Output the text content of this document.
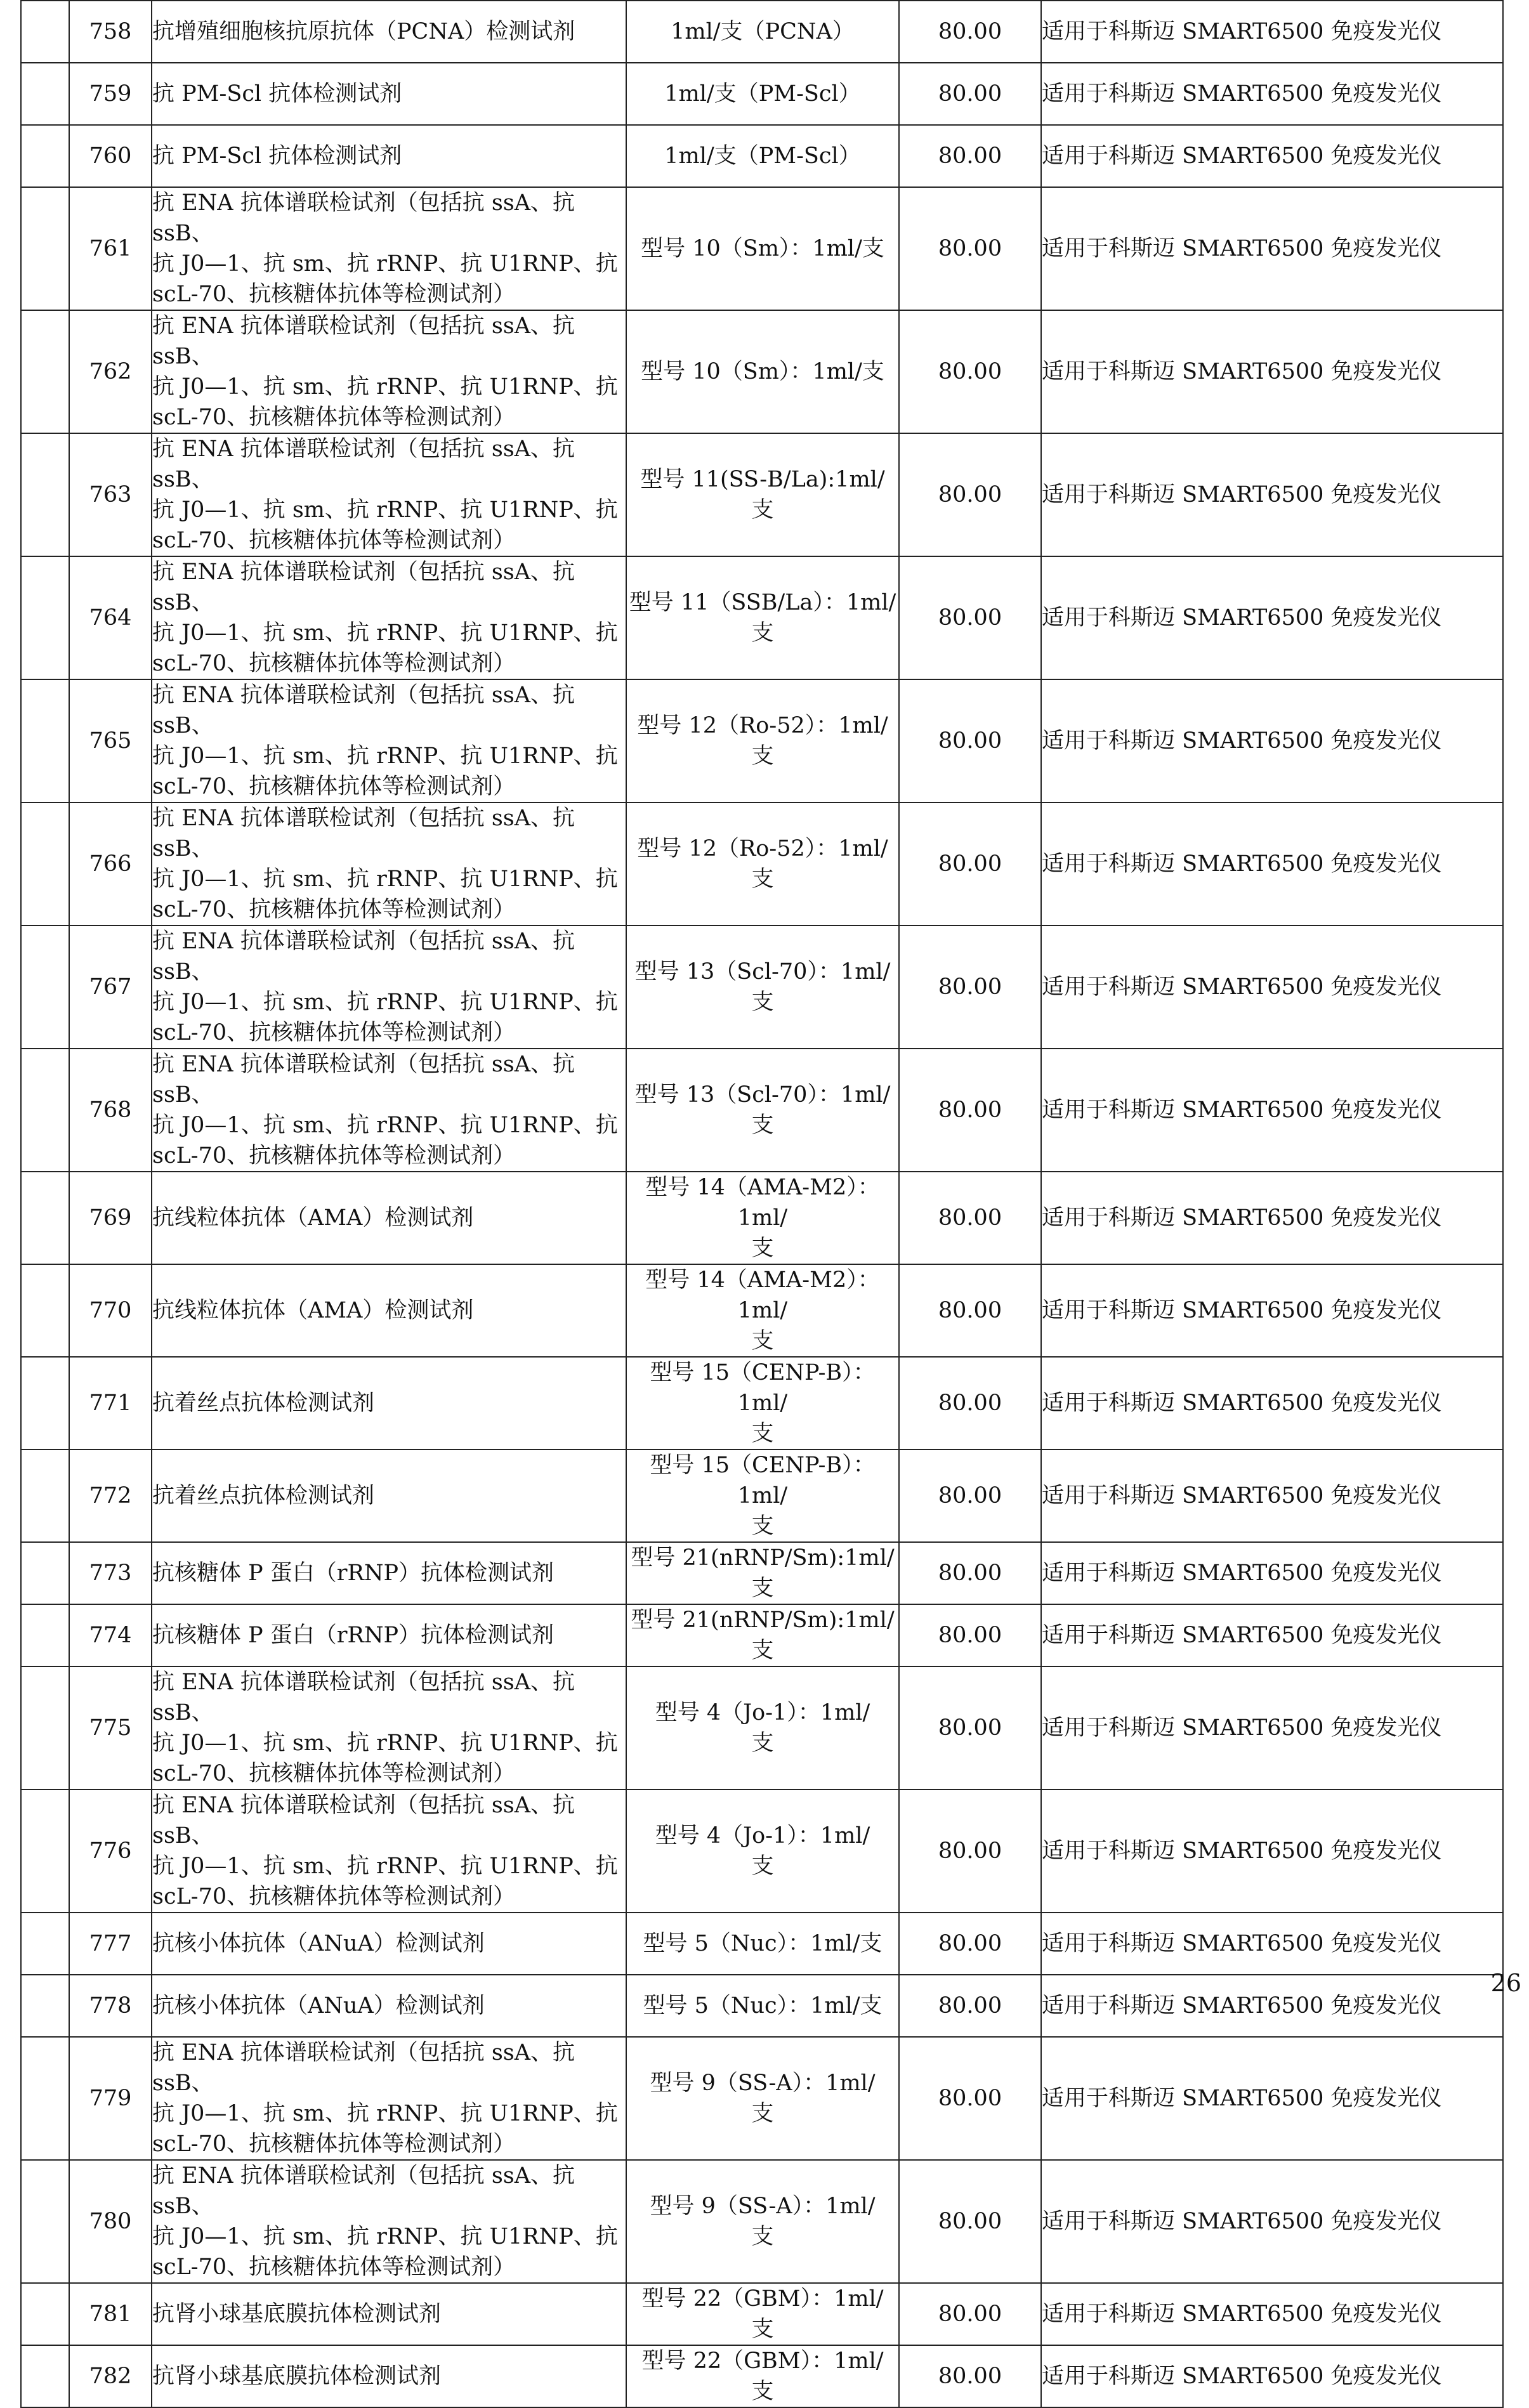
	758	抗增殖细胞核抗原抗体（PCNA）检测试剂	1ml/支（PCNA）	80.00	适用于科斯迈 SMART6500 免疫发光仪

	759	抗 PM-Scl 抗体检测试剂	1ml/支（PM-Scl）	80.00	适用于科斯迈 SMART6500 免疫发光仪

	760	抗 PM-Scl 抗体检测试剂	1ml/支（PM-Scl）	80.00	适用于科斯迈 SMART6500 免疫发光仪

	761	抗 ENA 抗体谱联检试剂（包括抗 ssA、抗 ssB、
抗 J0—1、抗 sm、抗 rRNP、抗 U1RNP、抗
scL-70、抗核糖体抗体等检测试剂）	型号 10（Sm）：1ml/支	80.00	适用于科斯迈 SMART6500 免疫发光仪

	762	抗 ENA 抗体谱联检试剂（包括抗 ssA、抗 ssB、
抗 J0—1、抗 sm、抗 rRNP、抗 U1RNP、抗
scL-70、抗核糖体抗体等检测试剂）	型号 10（Sm）：1ml/支	80.00	适用于科斯迈 SMART6500 免疫发光仪

	763	抗 ENA 抗体谱联检试剂（包括抗 ssA、抗 ssB、
抗 J0—1、抗 sm、抗 rRNP、抗 U1RNP、抗
scL-70、抗核糖体抗体等检测试剂）	型号 11(SS-B/La):1ml/
支	80.00	适用于科斯迈 SMART6500 免疫发光仪

	764	抗 ENA 抗体谱联检试剂（包括抗 ssA、抗 ssB、
抗 J0—1、抗 sm、抗 rRNP、抗 U1RNP、抗
scL-70、抗核糖体抗体等检测试剂）	型号 11（SSB/La）：1ml/
支	80.00	适用于科斯迈 SMART6500 免疫发光仪

	765	抗 ENA 抗体谱联检试剂（包括抗 ssA、抗 ssB、
抗 J0—1、抗 sm、抗 rRNP、抗 U1RNP、抗
scL-70、抗核糖体抗体等检测试剂）	型号 12（Ro-52）：1ml/
支	80.00	适用于科斯迈 SMART6500 免疫发光仪

	766	抗 ENA 抗体谱联检试剂（包括抗 ssA、抗 ssB、
抗 J0—1、抗 sm、抗 rRNP、抗 U1RNP、抗
scL-70、抗核糖体抗体等检测试剂）	型号 12（Ro-52）：1ml/
支	80.00	适用于科斯迈 SMART6500 免疫发光仪

	767	抗 ENA 抗体谱联检试剂（包括抗 ssA、抗 ssB、
抗 J0—1、抗 sm、抗 rRNP、抗 U1RNP、抗
scL-70、抗核糖体抗体等检测试剂）	型号 13（Scl-70）：1ml/
支	80.00	适用于科斯迈 SMART6500 免疫发光仪

	768	抗 ENA 抗体谱联检试剂（包括抗 ssA、抗 ssB、
抗 J0—1、抗 sm、抗 rRNP、抗 U1RNP、抗
scL-70、抗核糖体抗体等检测试剂）	型号 13（Scl-70）：1ml/
支	80.00	适用于科斯迈 SMART6500 免疫发光仪

	769	抗线粒体抗体（AMA）检测试剂	型号 14（AMA-M2）：1ml/
支	80.00	适用于科斯迈 SMART6500 免疫发光仪

	770	抗线粒体抗体（AMA）检测试剂	型号 14（AMA-M2）：1ml/
支	80.00	适用于科斯迈 SMART6500 免疫发光仪

	771	抗着丝点抗体检测试剂	型号 15（CENP-B）：1ml/
支	80.00	适用于科斯迈 SMART6500 免疫发光仪

	772	抗着丝点抗体检测试剂	型号 15（CENP-B）：1ml/
支	80.00	适用于科斯迈 SMART6500 免疫发光仪

	773	抗核糖体 P 蛋白（rRNP）抗体检测试剂	型号 21(nRNP/Sm):1ml/
支	80.00	适用于科斯迈 SMART6500 免疫发光仪

	774	抗核糖体 P 蛋白（rRNP）抗体检测试剂	型号 21(nRNP/Sm):1ml/
支	80.00	适用于科斯迈 SMART6500 免疫发光仪

	775	抗 ENA 抗体谱联检试剂（包括抗 ssA、抗 ssB、
抗 J0—1、抗 sm、抗 rRNP、抗 U1RNP、抗
scL-70、抗核糖体抗体等检测试剂）	型号 4（Jo-1）：1ml/
支	80.00	适用于科斯迈 SMART6500 免疫发光仪

	776	抗 ENA 抗体谱联检试剂（包括抗 ssA、抗 ssB、
抗 J0—1、抗 sm、抗 rRNP、抗 U1RNP、抗
scL-70、抗核糖体抗体等检测试剂）	型号 4（Jo-1）：1ml/
支	80.00	适用于科斯迈 SMART6500 免疫发光仪

	777	抗核小体抗体（ANuA）检测试剂	型号 5（Nuc）：1ml/支	80.00	适用于科斯迈 SMART6500 免疫发光仪

	778	抗核小体抗体（ANuA）检测试剂	型号 5（Nuc）：1ml/支	80.00	适用于科斯迈 SMART6500 免疫发光仪

	779	抗 ENA 抗体谱联检试剂（包括抗 ssA、抗 ssB、
抗 J0—1、抗 sm、抗 rRNP、抗 U1RNP、抗
scL-70、抗核糖体抗体等检测试剂）	型号 9（SS-A）：1ml/
支	80.00	适用于科斯迈 SMART6500 免疫发光仪

	780	抗 ENA 抗体谱联检试剂（包括抗 ssA、抗 ssB、
抗 J0—1、抗 sm、抗 rRNP、抗 U1RNP、抗
scL-70、抗核糖体抗体等检测试剂）	型号 9（SS-A）：1ml/
支	80.00	适用于科斯迈 SMART6500 免疫发光仪

	781	抗肾小球基底膜抗体检测试剂	型号 22（GBM）：1ml/
支	80.00	适用于科斯迈 SMART6500 免疫发光仪

	782	抗肾小球基底膜抗体检测试剂	型号 22（GBM）：1ml/
支	80.00	适用于科斯迈 SMART6500 免疫发光仪
26
